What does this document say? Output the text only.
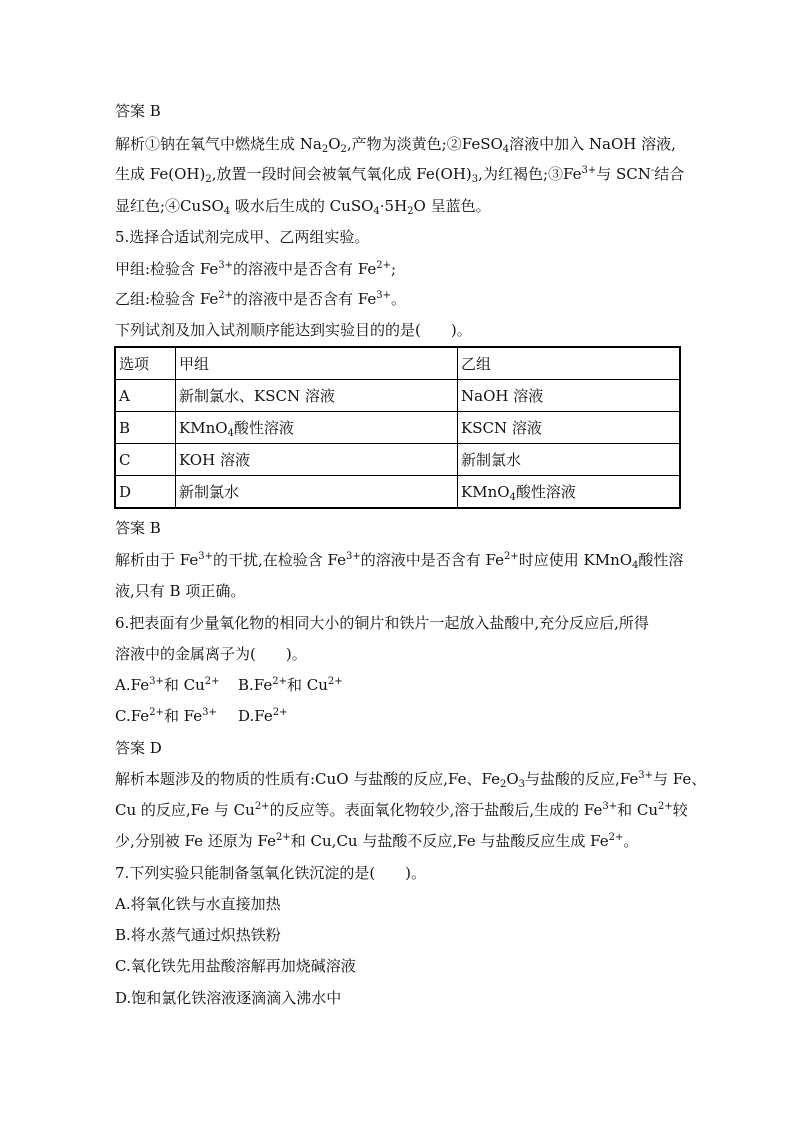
答案 B
解析①钠在氧气中燃烧生成 $Na_2O_2$,产物为淡黄色;②FeSO$_4$溶液中加入 NaOH 溶液,
生成 $Fe(OH)_2$,放置一段时间会被氧气氧化成 $Fe(OH)_3$,为红褐色$;③Fe^{3+}$与 SCN-结合
显红色;④CuSO$_4$ 吸水后生成的 $CuSO_4\cdot 5H_2O$ 呈蓝色。
5.选择合适试剂完成甲、乙两组实验。
甲组:检验含 $Fe^{3+}$的溶液中是否含有 $Fe^{2+}$;
乙组:检验含 $Fe^{2+}$的溶液中是否含有 $Fe^{3+}$。
下列试剂及加入试剂顺序能达到实验目的的是(　　)。
选项	甲组	乙组
A	新制氯水、KSCN 溶液	NaOH 溶液
B	KMnO$_4$酸性溶液	KSCN 溶液
C	KOH 溶液	新制氯水
D	新制氯水	KMnO$_4$酸性溶液
答案 B
解析由于 $Fe^{3+}$的干扰,在检验含 $Fe^{3+}$的溶液中是否含有 $Fe^{2+}$时应使用 KMnO$_4$酸性溶
液,只有 B 项正确。
6.把表面有少量氧化物的相同大小的铜片和铁片一起放入盐酸中,充分反应后,所得
溶液中的金属离子为(　　)。
$A.Fe^{3+}$和 $Cu^{2+}$ $B.Fe^{2+}$和 $Cu^{2+}$
$C.Fe^{2+}$和 $Fe^{3+}$ $D.Fe^{2+}$
答案 D
解析本题涉及的物质的性质有:CuO 与盐酸的反应,Fe、$Fe_2O_3$与盐酸的反应$,Fe^{3+}$与 Fe、
Cu 的反应,Fe 与 $Cu^{2+}$的反应等。表面氧化物较少,溶于盐酸后,生成的 $Fe^{3+}$和 $Cu^{2+}$较
少,分别被 Fe 还原为 $Fe^{2+}$和 Cu,Cu 与盐酸不反应,Fe 与盐酸反应生成 $Fe^{2+}$。
7.下列实验只能制备氢氧化铁沉淀的是(　　)。
A.将氧化铁与水直接加热
B.将水蒸气通过炽热铁粉
C.氧化铁先用盐酸溶解再加烧碱溶液
D.饱和氯化铁溶液逐滴滴入沸水中
